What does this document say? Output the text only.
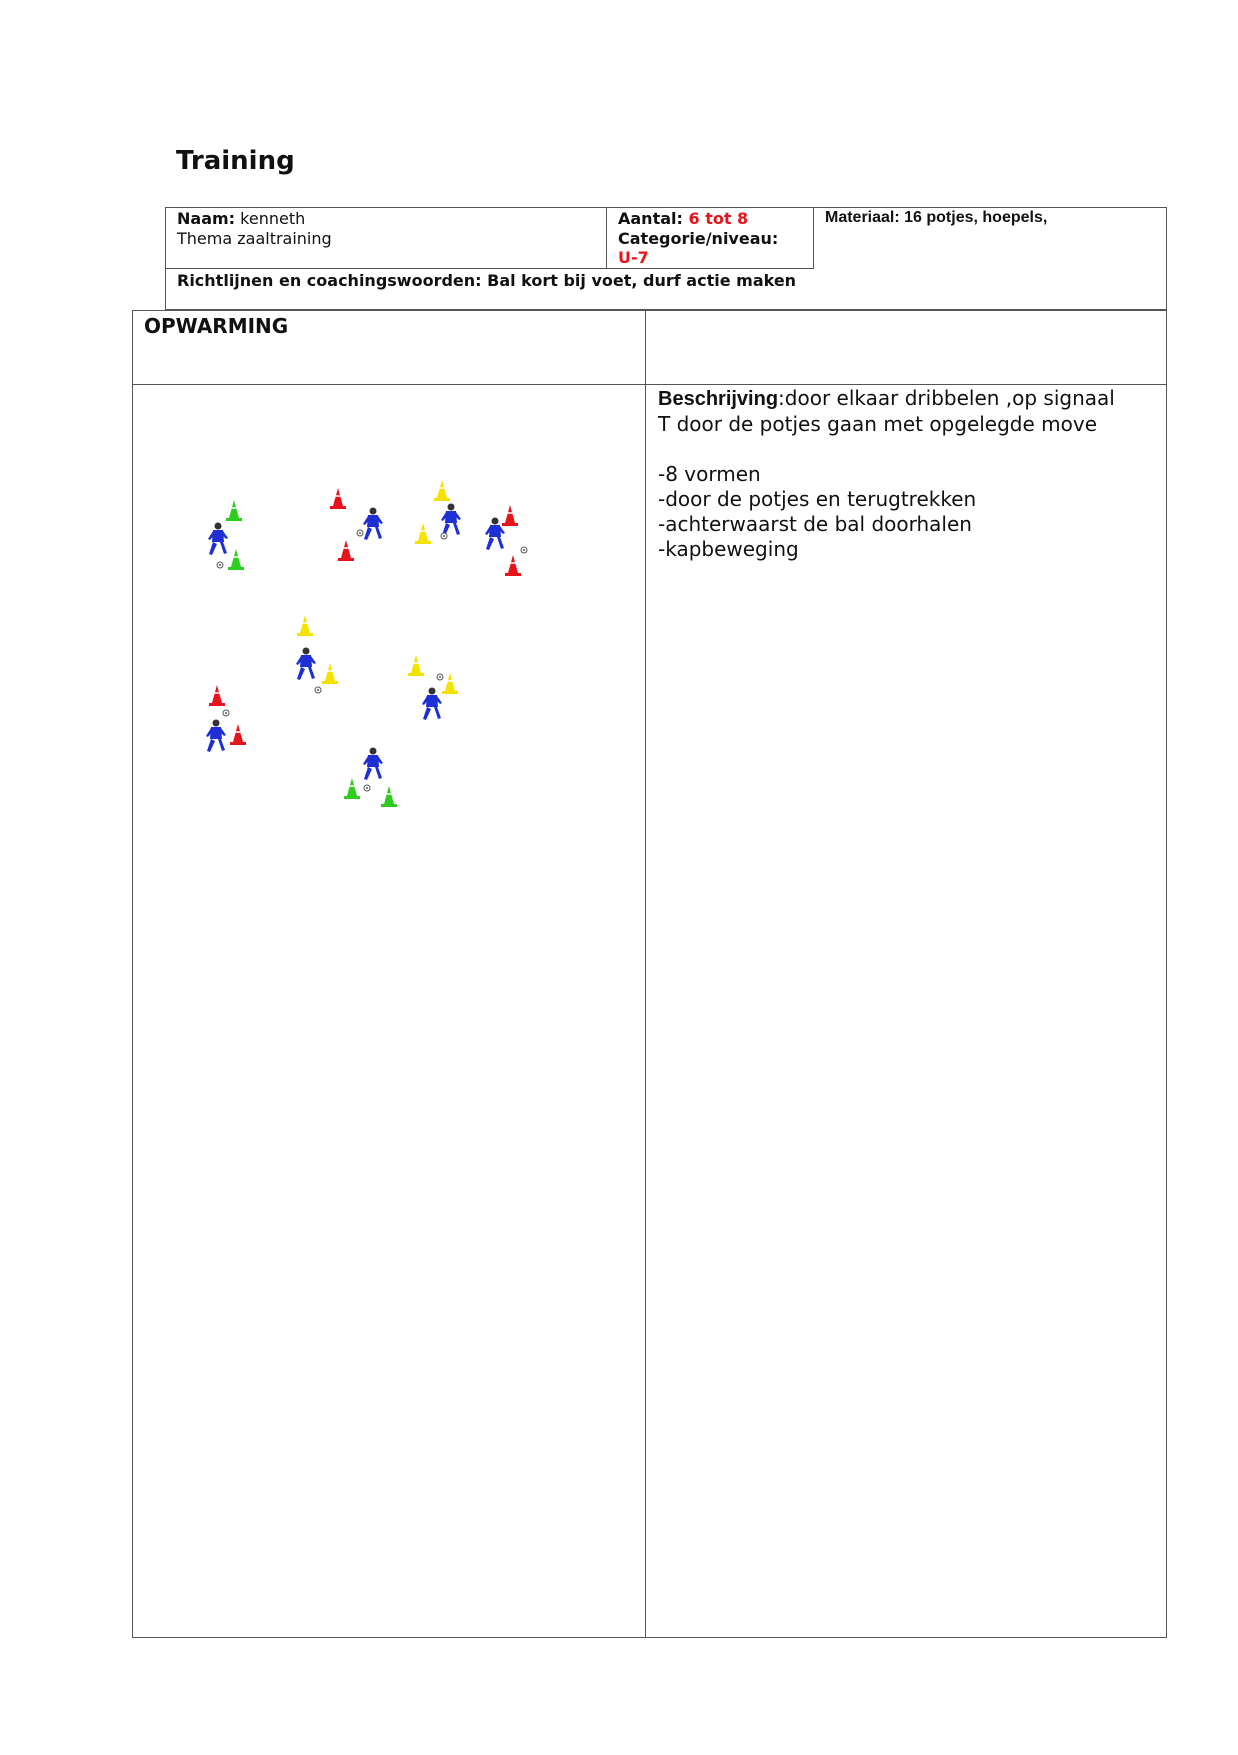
Training
Naam: kenneth
Thema zaaltraining
Aantal: 6 tot 8
Categorie/niveau:
U-7
Materiaal: 16 potjes, hoepels,
Richtlijnen en coachingswoorden: Bal kort bij voet, durf actie maken
OPWARMING
Beschrijving:door elkaar dribbelen ,op signaal
T door de potjes gaan met opgelegde move
-8 vormen
-door de potjes en terugtrekken
-achterwaarst de bal doorhalen
-kapbeweging
